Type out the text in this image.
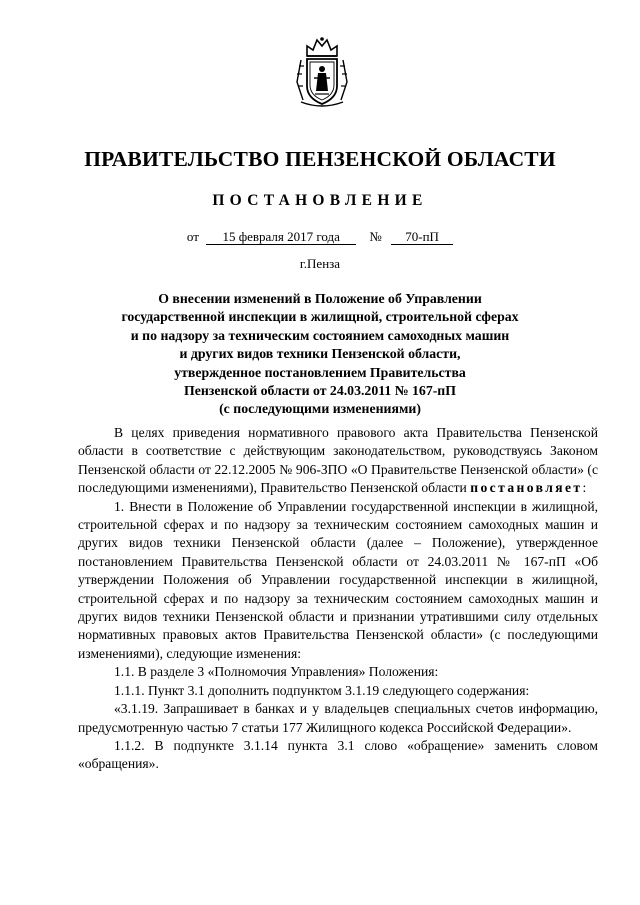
ПРАВИТЕЛЬСТВО ПЕНЗЕНСКОЙ ОБЛАСТИ
ПОСТАНОВЛЕНИЕ
от 15 февраля 2017 года № 70-пП
г.Пенза
О внесении изменений в Положение об Управлении
государственной инспекции в жилищной, строительной сферах
и по надзору за техническим состоянием самоходных машин
и других видов техники Пензенской области,
утвержденное постановлением Правительства
Пензенской области от 24.03.2011 № 167-пП
(с последующими изменениями)

В целях приведения нормативного правового акта Правительства Пензенской области в соответствие с действующим законодательством, руководствуясь Законом Пензенской области от 22.12.2005 № 906-ЗПО «О Правительстве Пензенской области» (с последующими изменениями), Правительство Пензенской области постановляет:

1. Внести в Положение об Управлении государственной инспекции в жилищной, строительной сферах и по надзору за техническим состоянием самоходных машин и других видов техники Пензенской области (далее – Положение), утвержденное постановлением Правительства Пензенской области от 24.03.2011 № 167-пП «Об утверждении Положения об Управлении государственной инспекции в жилищной, строительной сферах и по надзору за техническим состоянием самоходных машин и других видов техники Пензенской области и признании утратившими силу отдельных нормативных правовых актов Правительства Пензенской области» (с последующими изменениями), следующие изменения:

1.1. В разделе 3 «Полномочия Управления» Положения:

1.1.1. Пункт 3.1 дополнить подпунктом 3.1.19 следующего содержания:

«3.1.19. Запрашивает в банках и у владельцев специальных счетов информацию, предусмотренную частью 7 статьи 177 Жилищного кодекса Российской Федерации».

1.1.2. В подпункте 3.1.14 пункта 3.1 слово «обращение» заменить словом «обращения».
